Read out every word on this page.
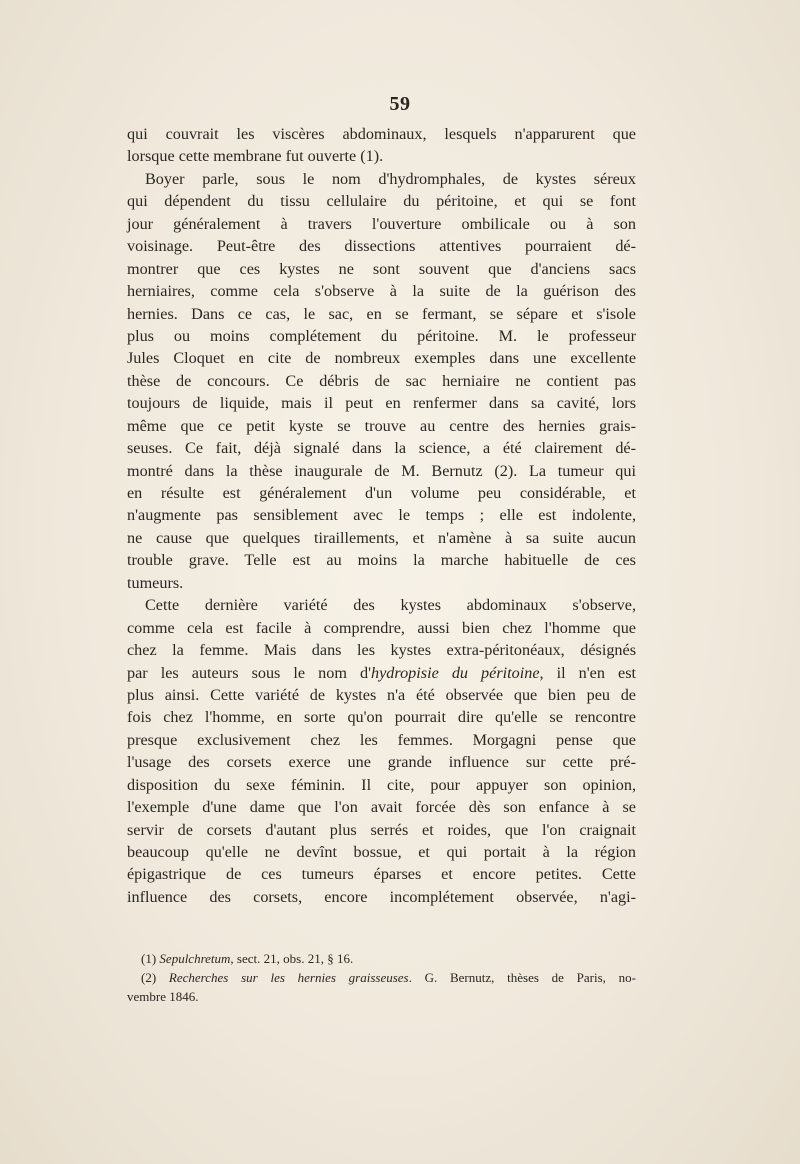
59
qui couvrait les viscères abdominaux, lesquels n'apparurent que
lorsque cette membrane fut ouverte (1).
Boyer parle, sous le nom d'hydromphales, de kystes séreux
qui dépendent du tissu cellulaire du péritoine, et qui se font
jour généralement à travers l'ouverture ombilicale ou à son
voisinage. Peut-être des dissections attentives pourraient dé-
montrer que ces kystes ne sont souvent que d'anciens sacs
herniaires, comme cela s'observe à la suite de la guérison des
hernies. Dans ce cas, le sac, en se fermant, se sépare et s'isole
plus ou moins complétement du péritoine. M. le professeur
Jules Cloquet en cite de nombreux exemples dans une excellente
thèse de concours. Ce débris de sac herniaire ne contient pas
toujours de liquide, mais il peut en renfermer dans sa cavité, lors
même que ce petit kyste se trouve au centre des hernies grais-
seuses. Ce fait, déjà signalé dans la science, a été clairement dé-
montré dans la thèse inaugurale de M. Bernutz (2). La tumeur qui
en résulte est généralement d'un volume peu considérable, et
n'augmente pas sensiblement avec le temps ; elle est indolente,
ne cause que quelques tiraillements, et n'amène à sa suite aucun
trouble grave. Telle est au moins la marche habituelle de ces
tumeurs.
Cette dernière variété des kystes abdominaux s'observe,
comme cela est facile à comprendre, aussi bien chez l'homme que
chez la femme. Mais dans les kystes extra-péritonéaux, désignés
par les auteurs sous le nom d'hydropisie du péritoine, il n'en est
plus ainsi. Cette variété de kystes n'a été observée que bien peu de
fois chez l'homme, en sorte qu'on pourrait dire qu'elle se rencontre
presque exclusivement chez les femmes. Morgagni pense que
l'usage des corsets exerce une grande influence sur cette pré-
disposition du sexe féminin. Il cite, pour appuyer son opinion,
l'exemple d'une dame que l'on avait forcée dès son enfance à se
servir de corsets d'autant plus serrés et roides, que l'on craignait
beaucoup qu'elle ne devînt bossue, et qui portait à la région
épigastrique de ces tumeurs éparses et encore petites. Cette
influence des corsets, encore incomplétement observée, n'agi-
(1) Sepulchretum, sect. 21, obs. 21, § 16.
(2) Recherches sur les hernies graisseuses. G. Bernutz, thèses de Paris, no-
vembre 1846.
